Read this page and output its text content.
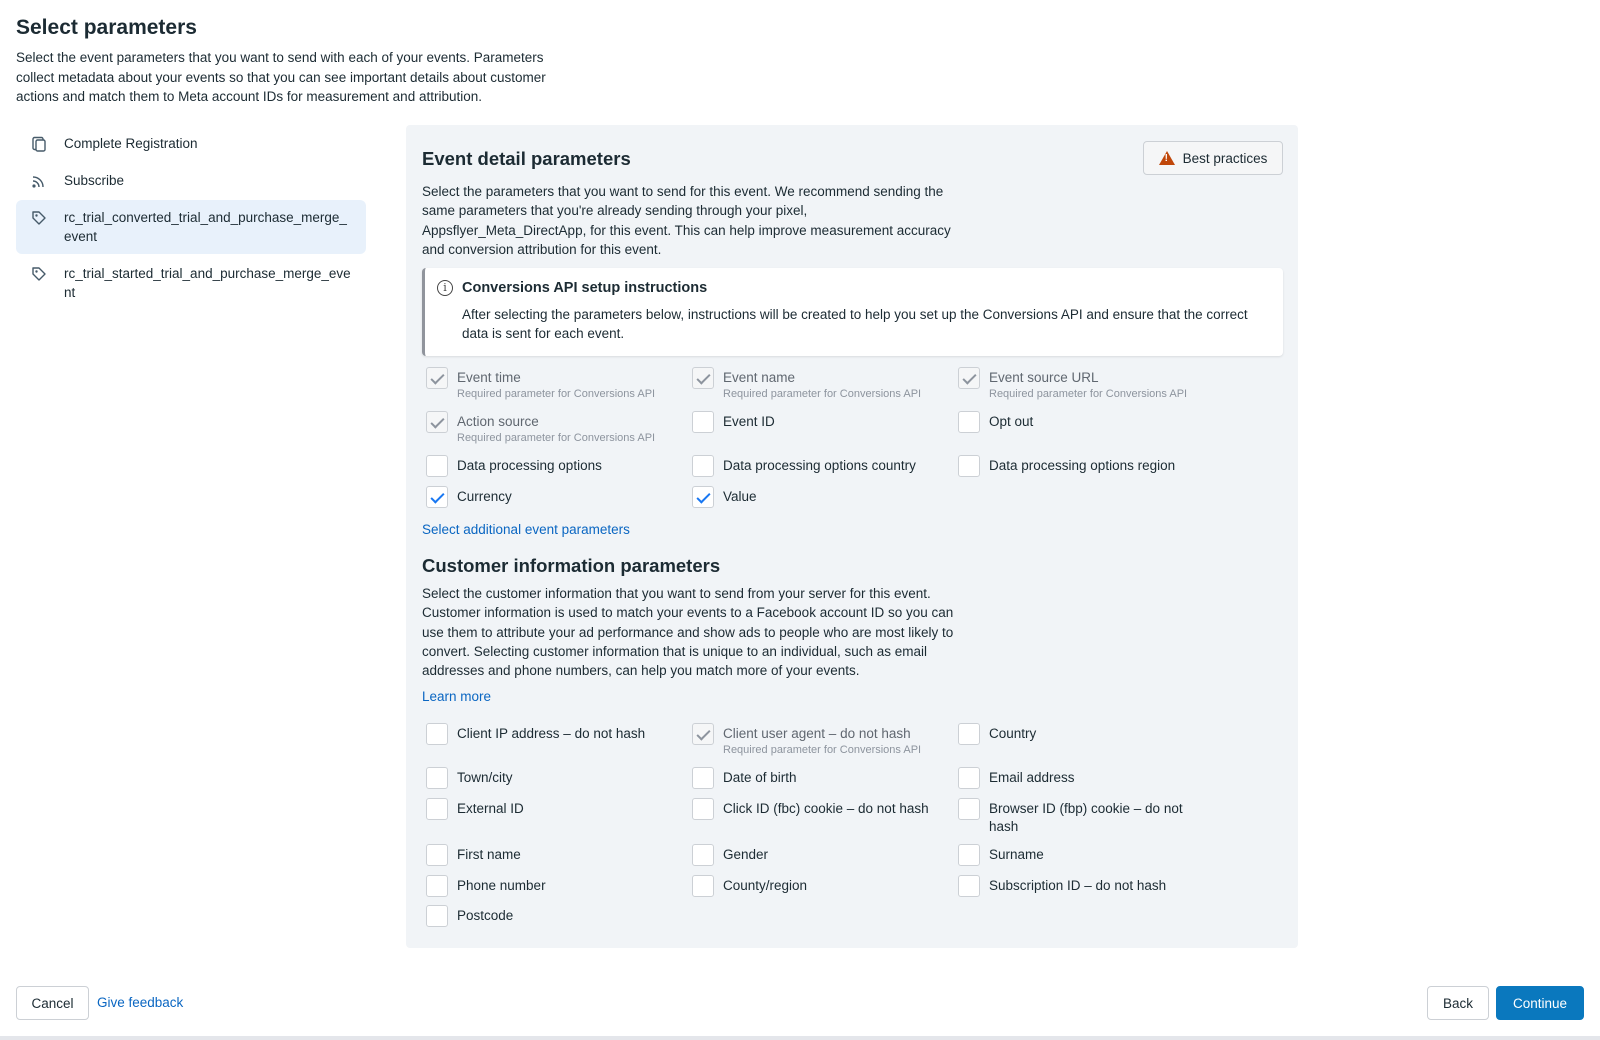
Select parameters
Select the event parameters that you want to send with each of your events. Parameters collect metadata about your events so that you can see important details about customer actions and match them to Meta account IDs for measurement and attribution.
Complete Registration
Subscribe
rc_trial_converted_trial_and_purchase_merge_event
rc_trial_started_trial_and_purchase_merge_event
Event detail parameters
!	Best practices
Select the parameters that you want to send for this event. We recommend sending the same parameters that you're already sending through your pixel, Appsflyer_Meta_DirectApp, for this event. This can help improve measurement accuracy and conversion attribution for this event.
i	Conversions API setup instructions
After selecting the parameters below, instructions will be created to help you set up the Conversions API and ensure that the correct data is sent for each event.
Event time
Required parameter for Conversions API
Event name
Required parameter for Conversions API
Event source URL
Required parameter for Conversions API
Action source
Required parameter for Conversions API
Event ID	Opt out
Data processing options	Data processing options country	Data processing options region
Currency	Value
Select additional event parameters
Customer information parameters
Select the customer information that you want to send from your server for this event. Customer information is used to match your events to a Facebook account ID so you can use them to attribute your ad performance and show ads to people who are most likely to convert. Selecting customer information that is unique to an individual, such as email addresses and phone numbers, can help you match more of your events.
Learn more
Client IP address – do not hash	Client user agent – do not hash
Required parameter for Conversions API
Country
Town/city	Date of birth	Email address
External ID	Click ID (fbc) cookie – do not hash	Browser ID (fbp) cookie – do not hash
First name	Gender	Surname
Phone number	County/region	Subscription ID – do not hash
Postcode
Cancel	Give feedback	Back	Continue
